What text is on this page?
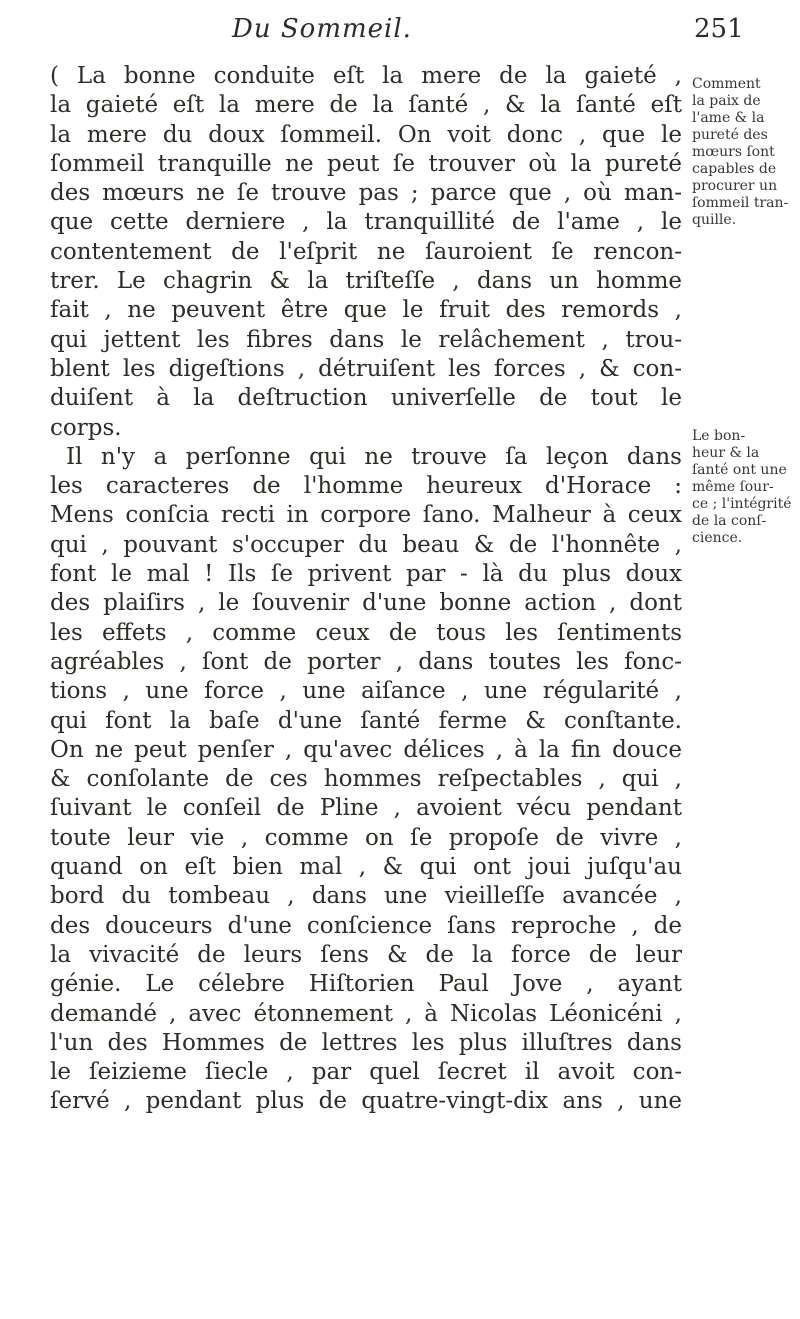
Du Sommeil.	251
( La bonne conduite eſt la mere de la gaieté ,
la gaieté eſt la mere de la ſanté , & la ſanté eſt
la mere du doux ſommeil. On voit donc , que le
ſommeil tranquille ne peut ſe trouver où la pureté
des mœurs ne ſe trouve pas ; parce que , où man-
que cette derniere , la tranquillité de l'ame , le
contentement de l'eſprit ne ſauroient ſe rencon-
trer. Le chagrin & la triſteſſe , dans un homme
fait , ne peuvent être que le fruit des remords ,
qui jettent les fibres dans le relâchement , trou-
blent les digeſtions , détruiſent les forces , & con-
duiſent à la deſtruction univerſelle de tout le
corps.
Il n'y a perſonne qui ne trouve ſa leçon dans
les caracteres de l'homme heureux d'Horace :
Mens conſcia recti in corpore ſano. Malheur à ceux
qui , pouvant s'occuper du beau & de l'honnête ,
font le mal ! Ils ſe privent par - là du plus doux
des plaiſirs , le ſouvenir d'une bonne action , dont
les effets , comme ceux de tous les ſentiments
agréables , ſont de porter , dans toutes les fonc-
tions , une force , une aiſance , une régularité ,
qui font la baſe d'une ſanté ferme & conſtante.
On ne peut penſer , qu'avec délices , à la fin douce
& conſolante de ces hommes reſpectables , qui ,
ſuivant le conſeil de Pline , avoient vécu pendant
toute leur vie , comme on ſe propoſe de vivre ,
quand on eſt bien mal , & qui ont joui juſqu'au
bord du tombeau , dans une vieilleſſe avancée ,
des douceurs d'une conſcience ſans reproche , de
la vivacité de leurs ſens & de la force de leur
génie. Le célebre Hiſtorien Paul Jove , ayant
demandé , avec étonnement , à Nicolas Léonicéni ,
l'un des Hommes de lettres les plus illuſtres dans
le ſeizieme ſiecle , par quel ſecret il avoit con-
ſervé , pendant plus de quatre-vingt-dix ans , une
Comment
la paix de
l'ame & la
pureté des
mœurs ſont
capables de
procurer un
ſommeil tran-
quille.
Le bon-
heur & la
ſanté ont une
même ſour-
ce ; l'intégrité
de la conſ-
cience.
